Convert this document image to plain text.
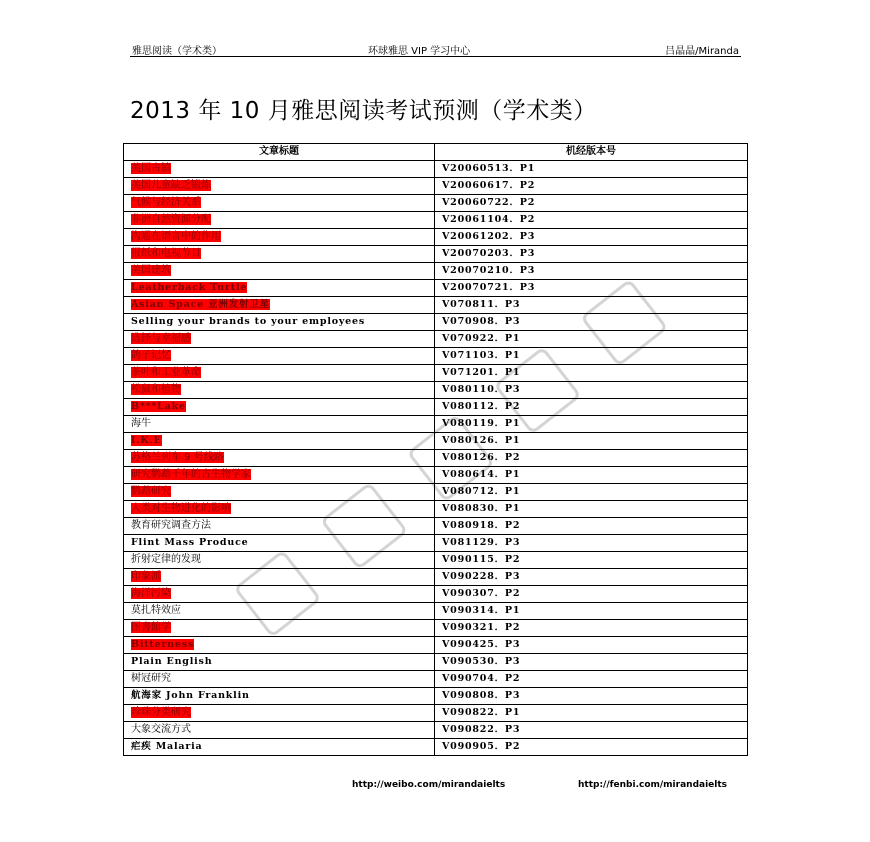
雅思阅读（学术类）	环球雅思 VIP 学习中心	吕晶晶/Miranda
2013 年 10 月雅思阅读考试预测（学术类）
文章标题	机经版本号
美国古镇	V20060513．P1
美国儿童缺乏锻炼	V20060617．P2
气候与经济关系	V20060722．P2
非洲自然资源分配	V20061104．P2
沟通在语言中的作用	V20061202．P3
报纸和电视节目	V20070203．P3
美国建筑	V20070210．P3
Leatherback Turtle	V20070721．P3
Asian Space 亚洲发射卫星	V070811．P3
Selling your brands to your employees	V070908．P3
选择与幸福感	V070922．P1
鸽子记忆	V071103．P1
茶叶和工业革命	V071201．P1
松鼠和植物	V080110．P3
B***Lake	V080112．P2
海牛	V080119．P1
I.K.E	V080126．P1
苏格兰列车 9 号线路	V080126．P2
研究鹦鹉千年的古生物学家	V080614．P1
鹦鹉研究	V080712．P1
人类对生物进化的影响	V080830．P1
教育研究调查方法	V080918．P2
Flint Mass Produce	V081129．P3
折射定律的发现	V090115．P2
印象派	V090228．P3
海洋污染	V090307．P2
莫扎特效应	V090314．P1
图書館学	V090321．P2
Bitterness	V090425．P3
Plain English	V090530．P3
树冠研究	V090704．P2
航海家 John Franklin	V090808．P3
珍珠分类研究	V090822．P1
大象交流方式	V090822．P3
疟疾 Malaria	V090905．P2
http://weibo.com/mirandaielts	http://fenbi.com/mirandaielts
